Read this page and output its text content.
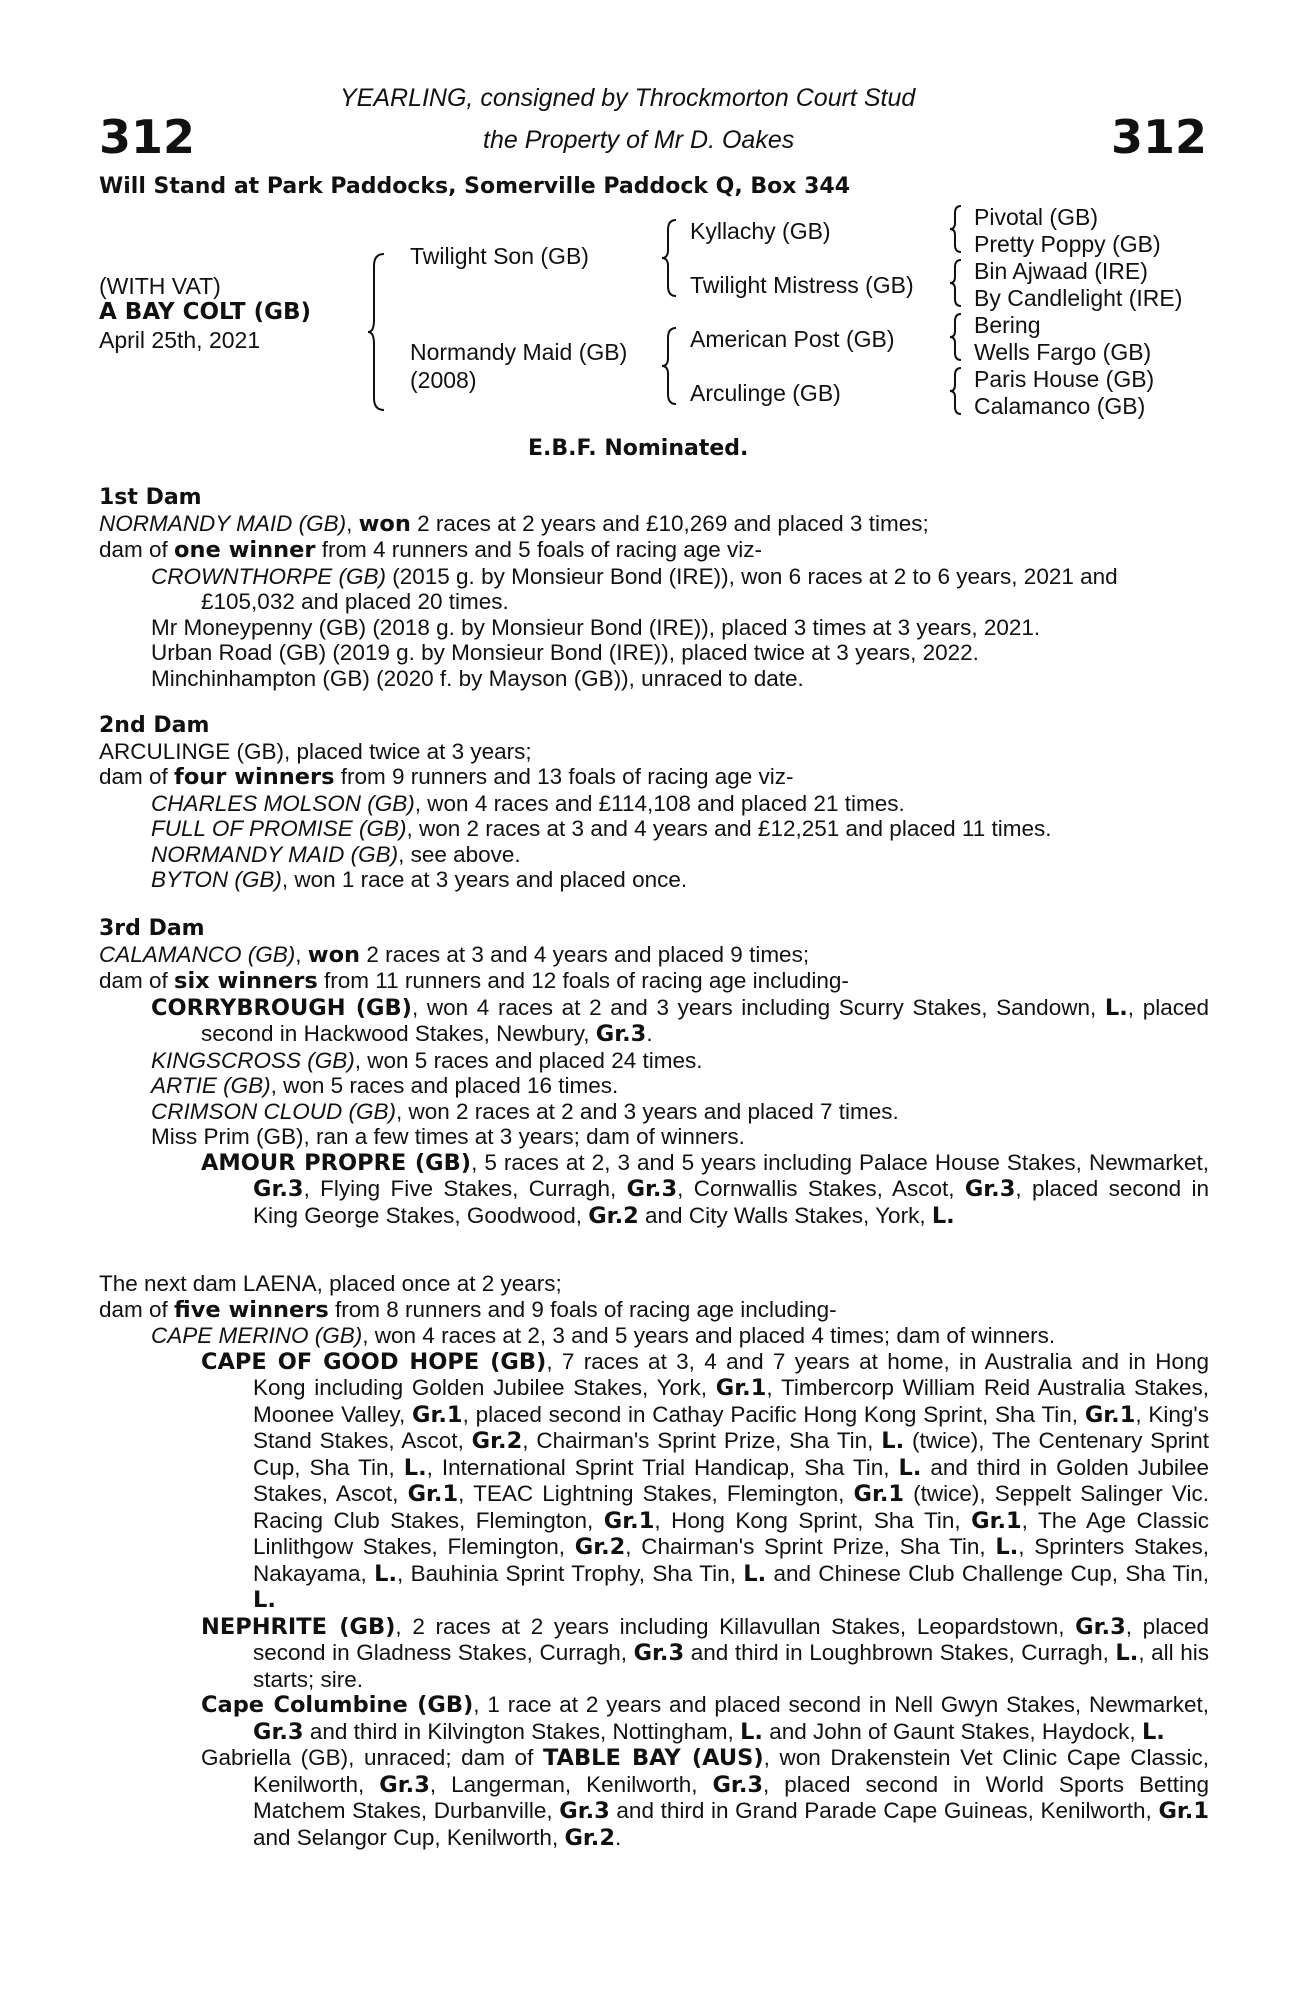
312	312
YEARLING, consigned by Throckmorton Court Stud
the Property of Mr D. Oakes
Will Stand at Park Paddocks, Somerville Paddock Q, Box 344
(WITH VAT)
A BAY COLT (GB)
April 25th, 2021
Twilight Son (GB)
Normandy Maid (GB)
(2008)
Kyllachy (GB)
Twilight Mistress (GB)
American Post (GB)
Arculinge (GB)
Pivotal (GB)
Pretty Poppy (GB)
Bin Ajwaad (IRE)
By Candlelight (IRE)
Bering
Wells Fargo (GB)
Paris House (GB)
Calamanco (GB)
E.B.F. Nominated.

1st Dam

NORMANDY MAID (GB), won 2 races at 2 years and £10,269 and placed 3 times;

dam of one winner from 4 runners and 5 foals of racing age viz-

CROWNTHORPE (GB) (2015 g. by Monsieur Bond (IRE)), won 6 races at 2 to 6 years, 2021 and £105,032 and placed 20 times.

Mr Moneypenny (GB) (2018 g. by Monsieur Bond (IRE)), placed 3 times at 3 years, 2021.

Urban Road (GB) (2019 g. by Monsieur Bond (IRE)), placed twice at 3 years, 2022.

Minchinhampton (GB) (2020 f. by Mayson (GB)), unraced to date.

2nd Dam

ARCULINGE (GB), placed twice at 3 years;

dam of four winners from 9 runners and 13 foals of racing age viz-

CHARLES MOLSON (GB), won 4 races and £114,108 and placed 21 times.

FULL OF PROMISE (GB), won 2 races at 3 and 4 years and £12,251 and placed 11 times.

NORMANDY MAID (GB), see above.

BYTON (GB), won 1 race at 3 years and placed once.

3rd Dam

CALAMANCO (GB), won 2 races at 3 and 4 years and placed 9 times;

dam of six winners from 11 runners and 12 foals of racing age including-

CORRYBROUGH (GB), won 4 races at 2 and 3 years including Scurry Stakes, Sandown, L., placed second in Hackwood Stakes, Newbury, Gr.3.

KINGSCROSS (GB), won 5 races and placed 24 times.

ARTIE (GB), won 5 races and placed 16 times.

CRIMSON CLOUD (GB), won 2 races at 2 and 3 years and placed 7 times.

Miss Prim (GB), ran a few times at 3 years; dam of winners.

AMOUR PROPRE (GB), 5 races at 2, 3 and 5 years including Palace House Stakes, Newmarket, Gr.3, Flying Five Stakes, Curragh, Gr.3, Cornwallis Stakes, Ascot, Gr.3, placed second in King George Stakes, Goodwood, Gr.2 and City Walls Stakes, York, L.

The next dam LAENA, placed once at 2 years;

dam of five winners from 8 runners and 9 foals of racing age including-

CAPE MERINO (GB), won 4 races at 2, 3 and 5 years and placed 4 times; dam of winners.

CAPE OF GOOD HOPE (GB), 7 races at 3, 4 and 7 years at home, in Australia and in Hong Kong including Golden Jubilee Stakes, York, Gr.1, Timbercorp William Reid Australia Stakes, Moonee Valley, Gr.1, placed second in Cathay Pacific Hong Kong Sprint, Sha Tin, Gr.1, King's Stand Stakes, Ascot, Gr.2, Chairman's Sprint Prize, Sha Tin, L. (twice), The Centenary Sprint Cup, Sha Tin, L., International Sprint Trial Handicap, Sha Tin, L. and third in Golden Jubilee Stakes, Ascot, Gr.1, TEAC Lightning Stakes, Flemington, Gr.1 (twice), Seppelt Salinger Vic. Racing Club Stakes, Flemington, Gr.1, Hong Kong Sprint, Sha Tin, Gr.1, The Age Classic Linlithgow Stakes, Flemington, Gr.2, Chairman's Sprint Prize, Sha Tin, L., Sprinters Stakes, Nakayama, L., Bauhinia Sprint Trophy, Sha Tin, L. and Chinese Club Challenge Cup, Sha Tin, L.

NEPHRITE (GB), 2 races at 2 years including Killavullan Stakes, Leopardstown, Gr.3, placed second in Gladness Stakes, Curragh, Gr.3 and third in Loughbrown Stakes, Curragh, L., all his starts; sire.

Cape Columbine (GB), 1 race at 2 years and placed second in Nell Gwyn Stakes, Newmarket, Gr.3 and third in Kilvington Stakes, Nottingham, L. and John of Gaunt Stakes, Haydock, L.

Gabriella (GB), unraced; dam of TABLE BAY (AUS), won Drakenstein Vet Clinic Cape Classic, Kenilworth, Gr.3, Langerman, Kenilworth, Gr.3, placed second in World Sports Betting Matchem Stakes, Durbanville, Gr.3 and third in Grand Parade Cape Guineas, Kenilworth, Gr.1 and Selangor Cup, Kenilworth, Gr.2.
